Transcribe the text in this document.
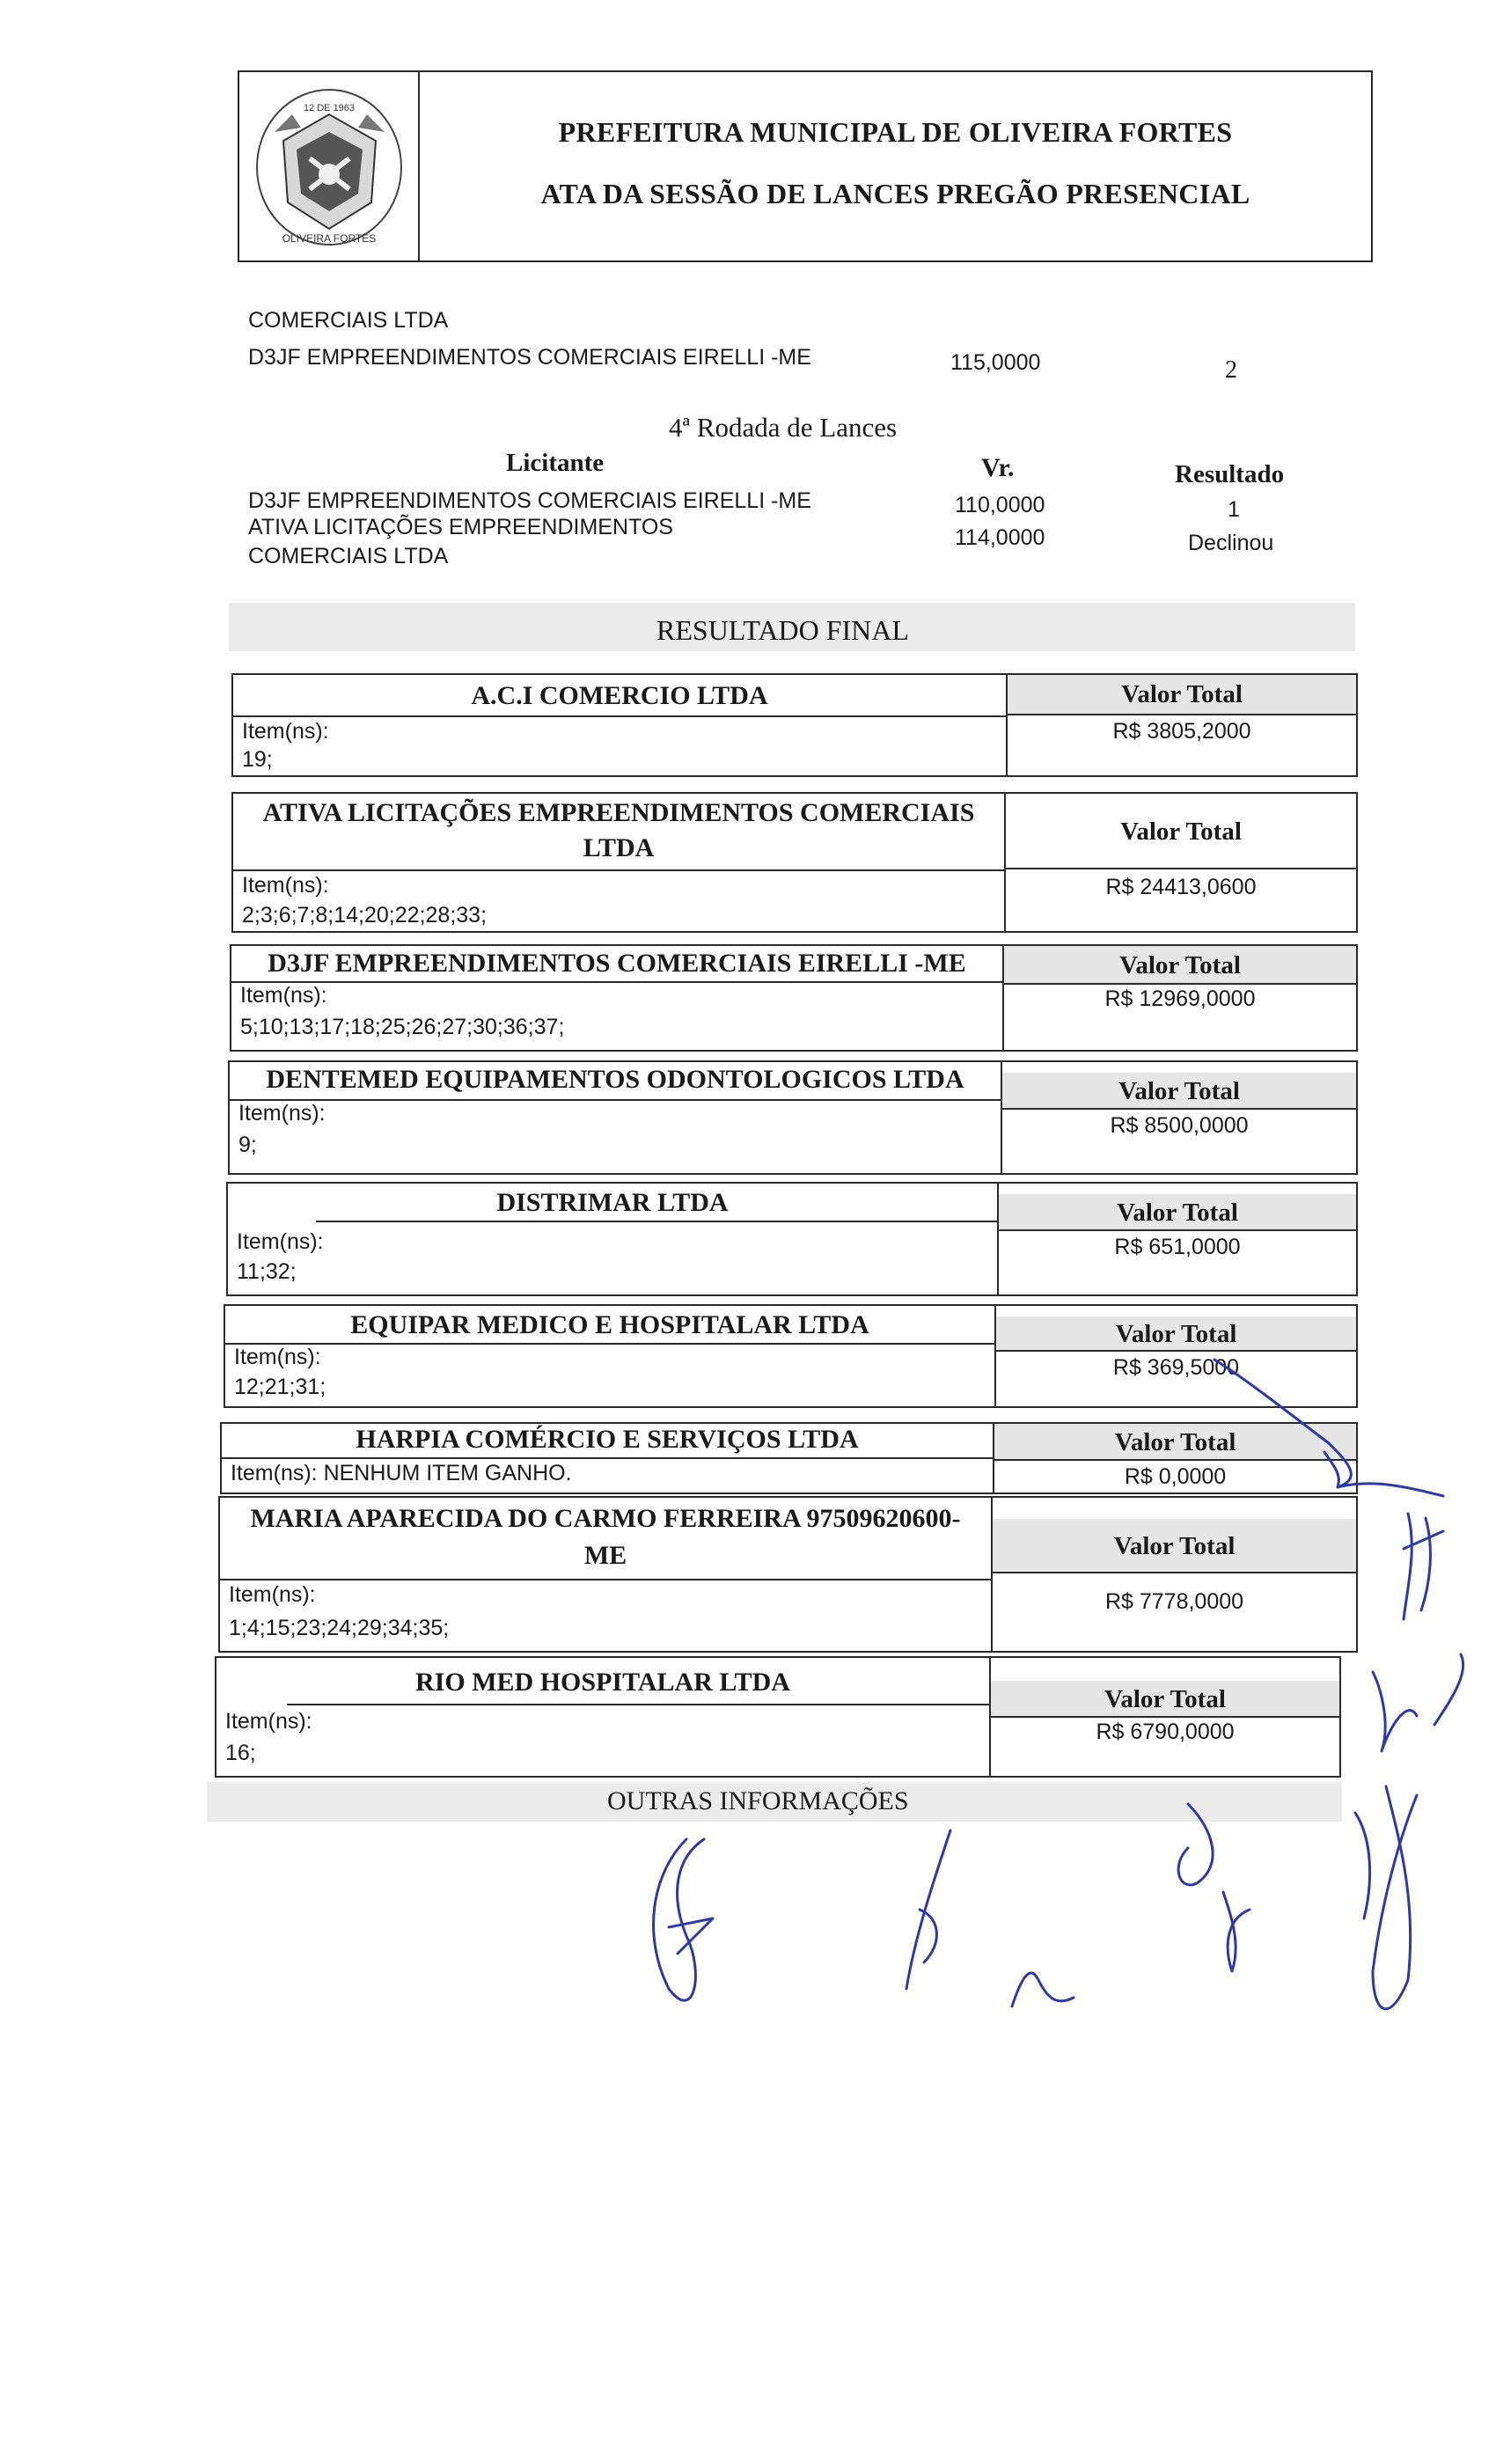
12 DE 1963
OLIVEIRA FORTES
PREFEITURA MUNICIPAL DE OLIVEIRA FORTES
ATA DA SESSÃO DE LANCES PREGÃO PRESENCIAL
COMERCIAIS LTDA
D3JF EMPREENDIMENTOS COMERCIAIS EIRELLI -ME	115,0000	2
4ª Rodada de Lances
Licitante	Vr.	Resultado
D3JF EMPREENDIMENTOS COMERCIAIS EIRELLI -ME	110,0000	1
ATIVA LICITAÇÕES EMPREENDIMENTOS
COMERCIAIS LTDA
114,0000	Declinou
RESULTADO FINAL
A.C.I COMERCIO LTDA
Item(ns):
19;
Valor Total
R$ 3805,2000
ATIVA LICITAÇÕES EMPREENDIMENTOS COMERCIAIS
LTDA
Item(ns):
2;3;6;7;8;14;20;22;28;33;
Valor Total
R$ 24413,0600
D3JF EMPREENDIMENTOS COMERCIAIS EIRELLI -ME
Item(ns):
5;10;13;17;18;25;26;27;30;36;37;
Valor Total
R$ 12969,0000
DENTEMED EQUIPAMENTOS ODONTOLOGICOS LTDA
Item(ns):
9;
Valor Total
R$ 8500,0000
DISTRIMAR LTDA
Item(ns):
11;32;
Valor Total
R$ 651,0000
EQUIPAR MEDICO E HOSPITALAR LTDA
Item(ns):
12;21;31;
Valor Total
R$ 369,5000
HARPIA COMÉRCIO E SERVIÇOS LTDA
Item(ns): NENHUM ITEM GANHO.
Valor Total
R$ 0,0000
MARIA APARECIDA DO CARMO FERREIRA 97509620600-
ME
Item(ns):
1;4;15;23;24;29;34;35;
Valor Total
R$ 7778,0000
RIO MED HOSPITALAR LTDA
Item(ns):
16;
Valor Total
R$ 6790,0000
OUTRAS INFORMAÇÕES
